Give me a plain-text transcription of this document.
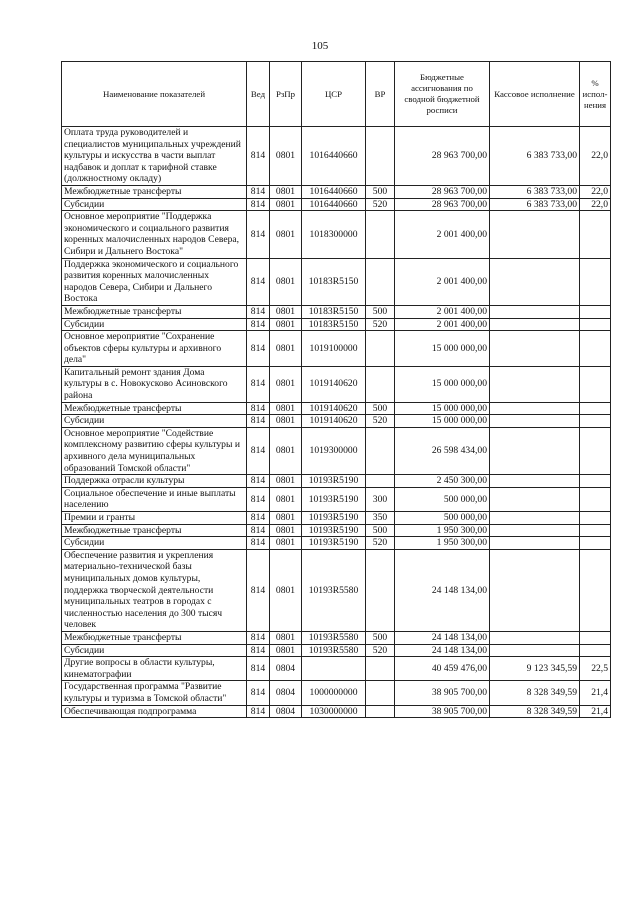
105
Наименование показателей	Вед	РзПр	ЦСР	ВР	Бюджетные ассигнования по сводной бюджетной росписи	Кассовое исполнение	% испол-нения
Оплата труда руководителей и специалистов муниципальных учреждений культуры и искусства в части выплат надбавок и доплат к тарифной ставке (должностному окладу)	814	0801	1016440660		28 963 700,00	6 383 733,00	22,0
Межбюджетные трансферты	814	0801	1016440660	500	28 963 700,00	6 383 733,00	22,0
Субсидии	814	0801	1016440660	520	28 963 700,00	6 383 733,00	22,0
Основное мероприятие "Поддержка экономического и социального развития коренных малочисленных народов Севера, Сибири и Дальнего Востока"	814	0801	1018300000		2 001 400,00		
Поддержка экономического и социального развития коренных малочисленных народов Севера, Сибири и Дальнего Востока	814	0801	10183R5150		2 001 400,00		
Межбюджетные трансферты	814	0801	10183R5150	500	2 001 400,00		
Субсидии	814	0801	10183R5150	520	2 001 400,00		
Основное мероприятие "Сохранение объектов сферы культуры и архивного дела"	814	0801	1019100000		15 000 000,00		
Капитальный ремонт здания Дома культуры в с. Новокусково Асиновского района	814	0801	1019140620		15 000 000,00		
Межбюджетные трансферты	814	0801	1019140620	500	15 000 000,00		
Субсидии	814	0801	1019140620	520	15 000 000,00		
Основное мероприятие "Содействие комплексному развитию сферы культуры и архивного дела муниципальных образований Томской области"	814	0801	1019300000		26 598 434,00		
Поддержка отрасли культуры	814	0801	10193R5190		2 450 300,00		
Социальное обеспечение и иные выплаты населению	814	0801	10193R5190	300	500 000,00		
Премии и гранты	814	0801	10193R5190	350	500 000,00		
Межбюджетные трансферты	814	0801	10193R5190	500	1 950 300,00		
Субсидии	814	0801	10193R5190	520	1 950 300,00		
Обеспечение развития и укрепления материально-технической базы муниципальных домов культуры, поддержка творческой деятельности муниципальных театров в городах с численностью населения до 300 тысяч человек	814	0801	10193R5580		24 148 134,00		
Межбюджетные трансферты	814	0801	10193R5580	500	24 148 134,00		
Субсидии	814	0801	10193R5580	520	24 148 134,00		
Другие вопросы в области культуры, кинематографии	814	0804			40 459 476,00	9 123 345,59	22,5
Государственная программа "Развитие культуры и туризма в Томской области"	814	0804	1000000000		38 905 700,00	8 328 349,59	21,4
Обеспечивающая подпрограмма	814	0804	1030000000		38 905 700,00	8 328 349,59	21,4
